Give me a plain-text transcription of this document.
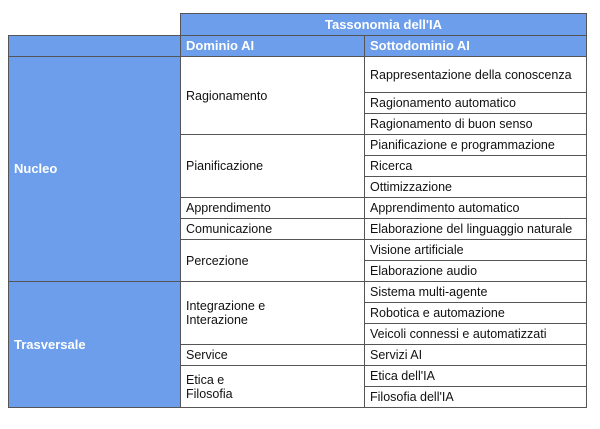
	Tassonomia dell'IA	
	Dominio AI	Sottodominio AI
Nucleo	Ragionamento	Rappresentazione della conoscenza
		Ragionamento automatico
		Ragionamento di buon senso
	Pianificazione	Pianificazione e programmazione
		Ricerca
		Ottimizzazione
	Apprendimento	Apprendimento automatico
	Comunicazione	Elaborazione del linguaggio naturale
	Percezione	Visione artificiale
		Elaborazione audio
Trasversale	Integrazione e Interazione	Sistema multi-agente
		Robotica e automazione
		Veicoli connessi e automatizzati
	Service	Servizi AI

	Etica e Filosofia	Etica dell'IA
		Filosofia dell'IA
